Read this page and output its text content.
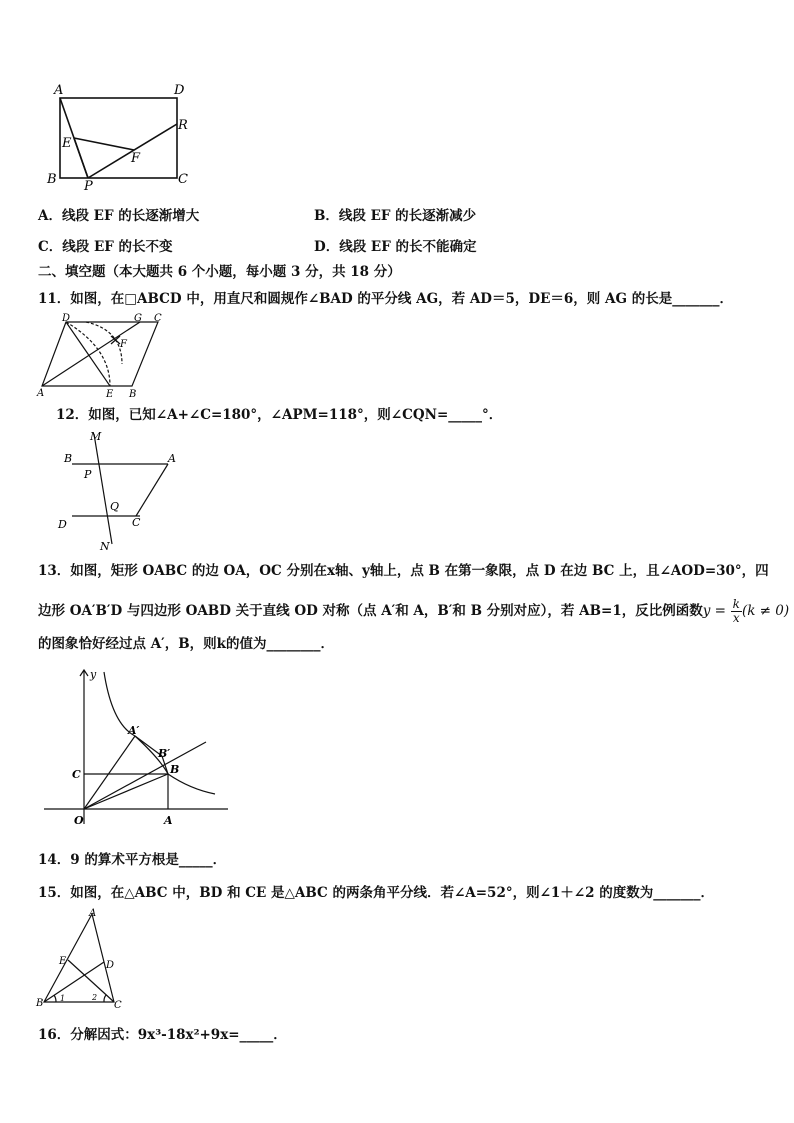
A	D
R
E
F
B P	C
A．线段 EF 的长逐渐增大	B．线段 EF 的长逐渐减少
C．线段 EF 的长不变	D．线段 EF 的长不能确定
二、填空题（本大题共 6 个小题，每小题 3 分，共 18 分）
11．如图，在□ABCD 中，用直尺和圆规作∠BAD 的平分线 AG，若 AD＝5，DE＝6，则 AG 的长是_______．
D	G C
F
A	E B
12．如图，已知∠A+∠C=180°，∠APM=118°，则∠CQN=_____°．
M
B	A
P
Q
D	C
N
13．如图，矩形 OABC 的边 OA，OC 分别在x轴、y轴上，点 B 在第一象限，点 D 在边 BC 上，且∠AOD=30°，四
边形 OA′B′D 与四边形 OABD 关于直线 OD 对称（点 A′和 A，B′和 B 分别对应），若 AB=1，反比例函数$y = \frac{k}{x} (k \ne 0)$
的图象恰好经过点 A′，B，则k的值为________．
y
A′
B′
B
C
O	A
14．9 的算术平方根是_____．
15．如图，在△ABC 中，BD 和 CE 是△ABC 的两条角平分线．若∠A=52°，则∠1＋∠2 的度数为_______．
A
E	D
B	C
1	2
16．分解因式：9x³-18x²+9x=_____．
